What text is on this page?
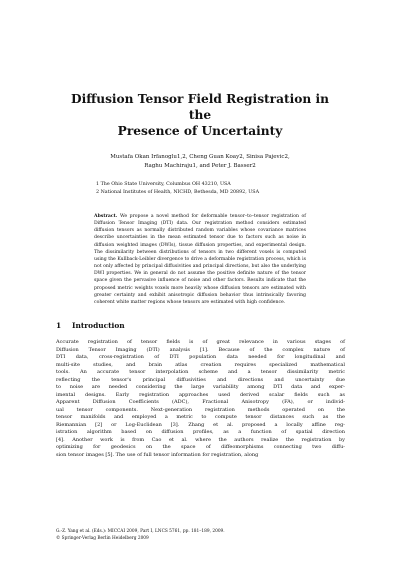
Diffusion Tensor Field Registration in the
Presence of Uncertainty
Mustafa Okan Irfanoglu1,2, Cheng Guan Koay2, Sinisa Pajevic2,
Raghu Machiraju1, and Peter J. Basser2
1 The Ohio State University, Columbus OH 43210, USA
2 National Institutes of Health, NICHD, Bethesda, MD 20892, USA
Abstract. We propose a novel method for deformable tensor–to–tensor registration of Diffusion Tensor Imaging (DTI) data. Our registration method considers estimated diffusion tensors as normally distributed random variables whose covariance matrices describe uncertainties in the mean estimated tensor due to factors such as noise in diffusion weighted images (DWIs), tissue diffusion properties, and experimental design. The dissimilarity between distributions of tensors in two different voxels is computed using the Kullback-Leibler divergence to drive a deformable registration process, which is not only affected by principal diffusivities and principal directions, but also the underlying DWI properties. We in general do not assume the positive definite nature of the tensor space given the pervasive influence of noise and other factors. Results indicate that the proposed metric weights voxels more heavily whose diffusion tensors are estimated with greater certainty and exhibit anisotropic diffusion behavior thus intrinsically favoring coherent white matter regions whose tensors are estimated with high confidence.
1 Introduction
Accurate registration of tensor fields is of great relevance in various stages of
Diffusion Tensor Imaging (DTI) analysis [1]. Because of the complex nature of
DTI data, cross-registration of DTI population data needed for longitudinal and
multi-site studies, and brain atlas creation requires specialized mathematical
tools. An accurate tensor interpolation scheme and a tensor dissimilarity metric
reflecting the tensor's principal diffusivities and directions and uncertainty due
to noise are needed considering the large variability among DTI data and exper-
imental designs. Early registration approaches used derived scalar fields such as
Apparent Diffusion Coefficients (ADC), Fractional Anisotropy (FA), or individ-
ual tensor components. Next-generation registration methods operated on the
tensor manifolds and employed a metric to compute tensor distances such as the
Riemannian [2] or Log-Euclidean [3]. Zhang et al. proposed a locally affine reg-
istration algorithm based on diffusion profiles, as a function of spatial direction
[4]. Another work is from Cao et al. where the authors realize the registration by
optimizing for geodesics on the space of diffeomorphisms connecting two diffu-
sion tensor images [5]. The use of full tensor information for registration, along
G.-Z. Yang et al. (Eds.): MICCAI 2009, Part I, LNCS 5761, pp. 181–189, 2009.
© Springer-Verlag Berlin Heidelberg 2009
